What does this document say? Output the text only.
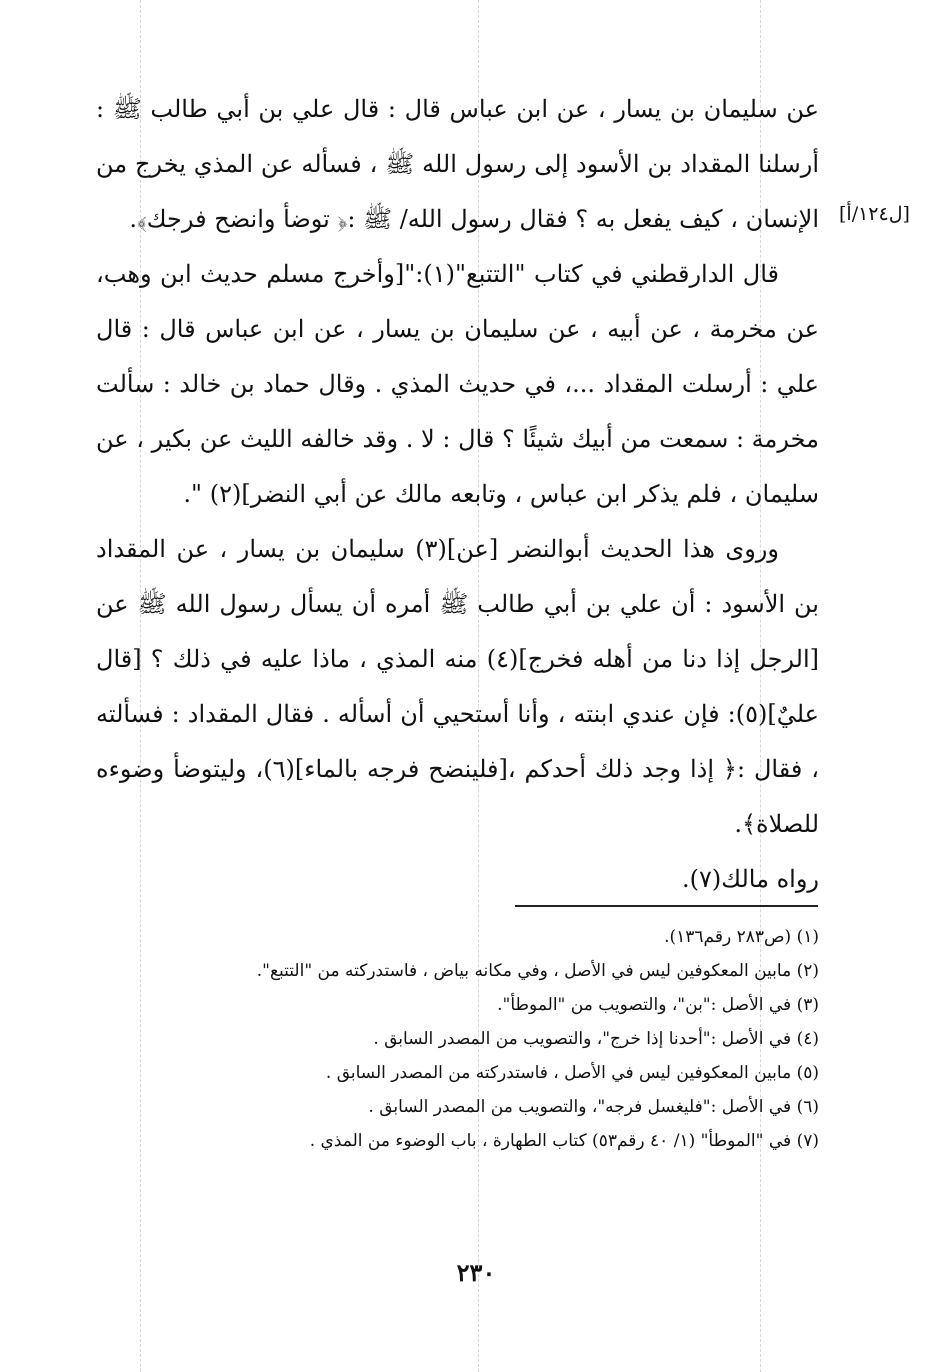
[ل١٢٤/أ]

عن سليمان بن يسار ، عن ابن عباس قال : قال علي بن أبي طالب ﷺ : أرسلنا المقداد بن الأسود إلى رسول الله ﷺ ، فسأله عن المذي يخرج من الإنسان ، كيف يفعل به ؟ فقال رسول الله/ ﷺ :﴿ توضأ وانضح فرجك﴾.

قال الدارقطني في كتاب "التتبع"(١):"[وأخرج مسلم حديث ابن وهب، عن مخرمة ، عن أبيه ، عن سليمان بن يسار ، عن ابن عباس قال : قال علي : أرسلت المقداد ...، في حديث المذي . وقال حماد بن خالد : سألت مخرمة : سمعت من أبيك شيئًا ؟ قال : لا . وقد خالفه الليث عن بكير ، عن سليمان ، فلم يذكر ابن عباس ، وتابعه مالك عن أبي النضر](٢) ".

وروى هذا الحديث أبوالنضر [عن](٣) سليمان بن يسار ، عن المقداد بن الأسود : أن علي بن أبي طالب ﷺ أمره أن يسأل رسول الله ﷺ عن [الرجل إذا دنا من أهله فخرج](٤) منه المذي ، ماذا عليه في ذلك ؟ [قال عليٌ](٥): فإن عندي ابنته ، وأنا أستحيي أن أسأله . فقال المقداد : فسألته ، فقال :﴿ إذا وجد ذلك أحدكم ،[فلينضح فرجه بالماء](٦)، وليتوضأ وضوءه للصلاة﴾.

رواه مالك(٧).

(١) (ص٢٨٣ رقم١٣٦).
(٢) مابين المعكوفين ليس في الأصل ، وفي مكانه بياض ، فاستدركته من "التتبع".
(٣) في الأصل :"بن"، والتصويب من "الموطأ".
(٤) في الأصل :"أحدنا إذا خرج"، والتصويب من المصدر السابق .
(٥) مابين المعكوفين ليس في الأصل ، فاستدركته من المصدر السابق .
(٦) في الأصل :"فليغسل فرجه"، والتصويب من المصدر السابق .
(٧) في "الموطأ" (١/ ٤٠ رقم٥٣) كتاب الطهارة ، باب الوضوء من المذي .
٢٣٠
